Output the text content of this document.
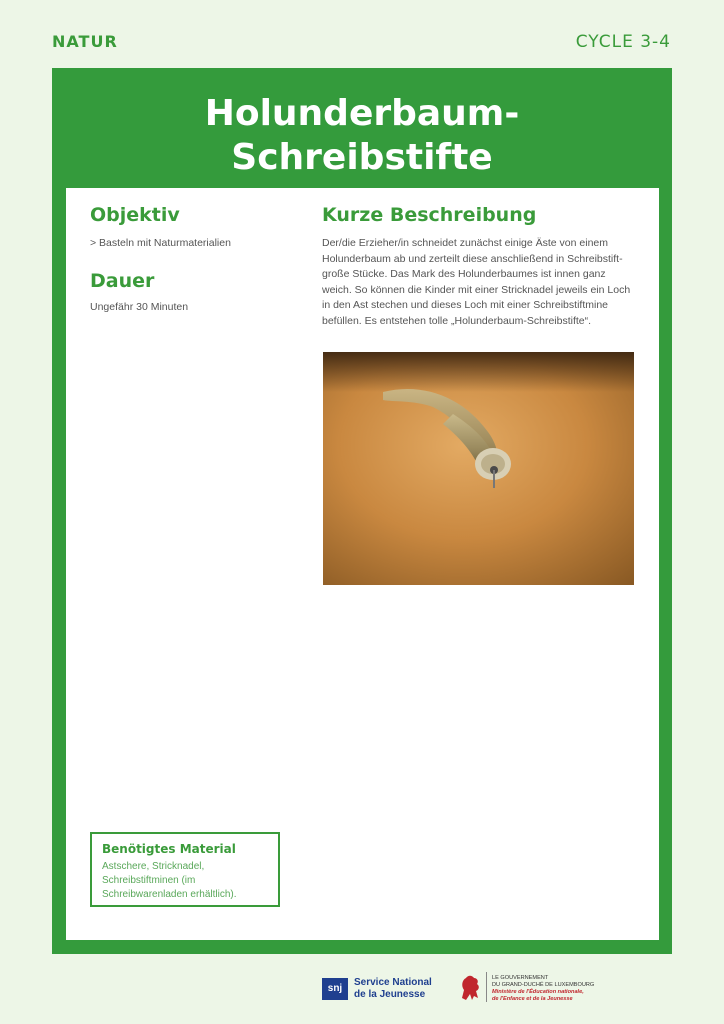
NATUR	CYCLE 3-4
Holunderbaum-
Schreibstifte
Objektiv

> Basteln mit Naturmaterialien

Dauer

Ungefähr 30 Minuten

Kurze Beschreibung

Der/die Erzieher/in schneidet zunächst einige Äste von einem Holunderbaum ab und zerteilt diese anschließend in Schreibstift-große Stücke. Das Mark des Holunderbaumes ist innen ganz weich. So können die Kinder mit einer Stricknadel jeweils ein Loch in den Ast stechen und dieses Loch mit einer Schreibstiftmine befüllen. Es entstehen tolle „Holunderbaum-Schreibstifte“.

Benötigtes Material
Astschere, Stricknadel, Schreibstiftminen (im Schreibwarenladen erhältlich).
snj
Service National
de la Jeunesse
LE GOUVERNEMENT
DU GRAND-DUCHÉ DE LUXEMBOURG
Ministère de l'Éducation nationale,
de l'Enfance et de la Jeunesse
